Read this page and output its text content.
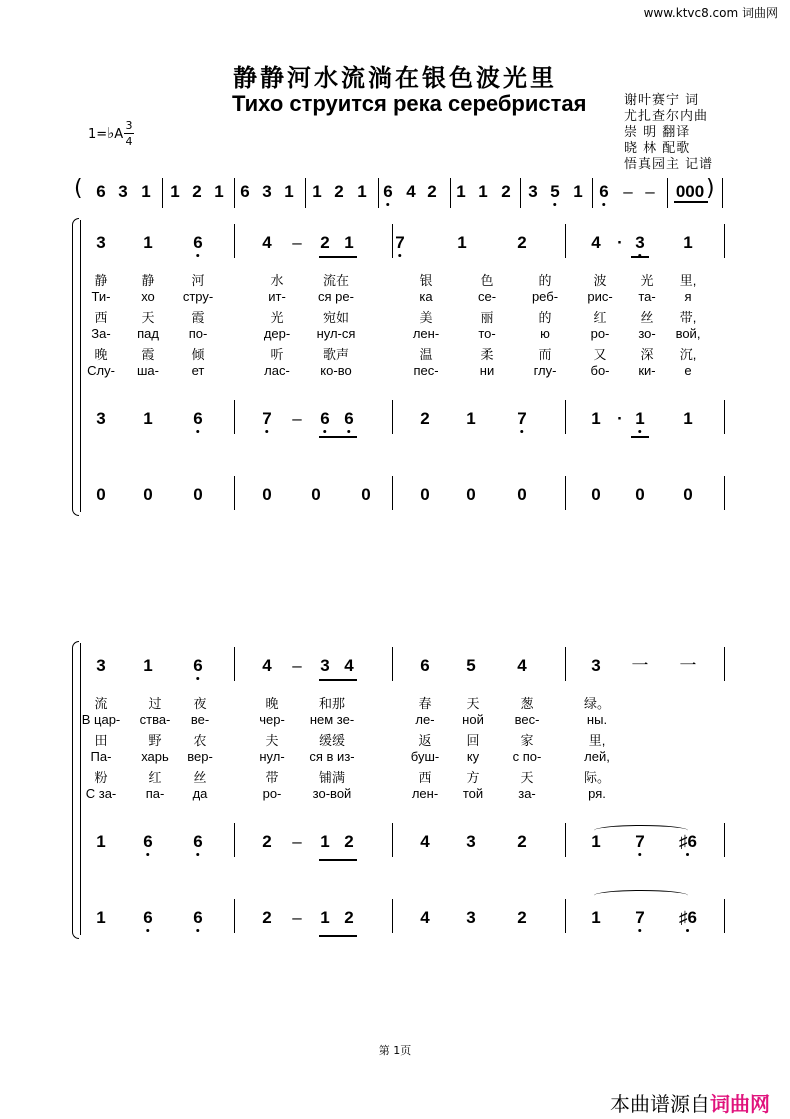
www.ktvc8.com 词曲网
静静河水流淌在银色波光里
Тихо струится река серебристая	谢叶赛宁 词
尤扎查尔内曲
崇 明 翻译
晓 林 配歌
悟真园主 记谱
1=♭A $\frac{3}{4}$
( 6 3 1 1 2 1 6 3 1 1 2 1 6 4 2 1 1 2 3 5 1 6 – – 000 )
3 1 6	4 – 2 1 7	1	2	4 · 3 1
静	静	河	水	流在	银	色	的	波	光 里,
Ти- хо стру-	ит- ся ре-	ка	се-	реб- рис- та- я
西	天	霞	光	宛如	美	丽	的	红	丝 带,
За- пад по-	дер- нул-ся	лен-	то-	ю	ро- зо- вой,
晚	霞	倾	听	歌声	温	柔	而	又	深 沉,
Слу- ша-	ет	лас- ко-во	пес-	ни	глу-	бо- ки- е
3 1 6	7 – 6 6	2 1 7	1 · 1 1
0 0 0	0 0 0	0 0 0	0 0 0
3 1 6	4 – 3 4	6 5 4	3 一 一
流	过 夜	晚	和那	春	天	葱	绿。
В цар- ства- ве-	чер- нем зе-	ле- ной вес-	ны.
田	野 农	夫	缓缓	返	回	家	里,
Па- харь вер-	нул- ся в из-	буш- ку	с по-	лей,
粉	红 丝	带	铺满	西	方	天	际。
С за- па- да	ро- зо-вой	лен- той	за-	ря.
1 6 6	2 – 1 2	4 3 2	1 7 ♯6
1 6 6	2 – 1 2	4 3 2	1 7 ♯6
第 1页
本曲谱源自词曲网
